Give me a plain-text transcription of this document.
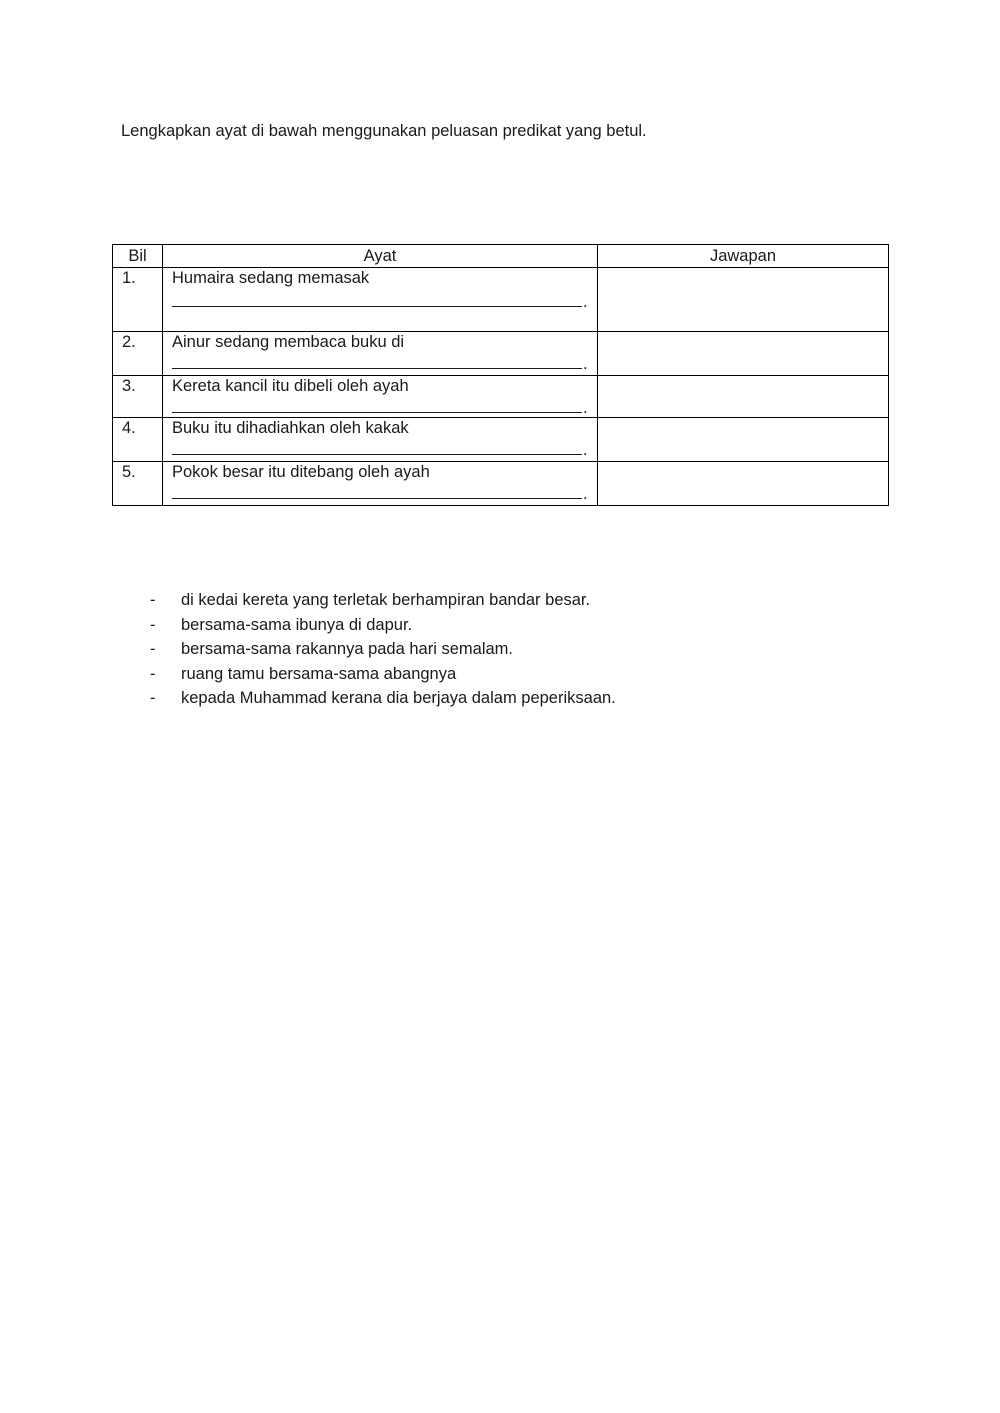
Lengkapkan ayat di bawah menggunakan peluasan predikat yang betul.
Bil	Ayat	Jawapan
1.	Humaira sedang memasak
.	

2.	Ainur sedang membaca buku di
.	

3.	Kereta kancil itu dibeli oleh ayah
.	

4.	Buku itu dihadiahkan oleh kakak
.	

5.	Pokok besar itu ditebang oleh ayah
.	

- di kedai kereta yang terletak berhampiran bandar besar.
- bersama-sama ibunya di dapur.
- bersama-sama rakannya pada hari semalam.
- ruang tamu bersama-sama abangnya
- kepada Muhammad kerana dia berjaya dalam peperiksaan.
